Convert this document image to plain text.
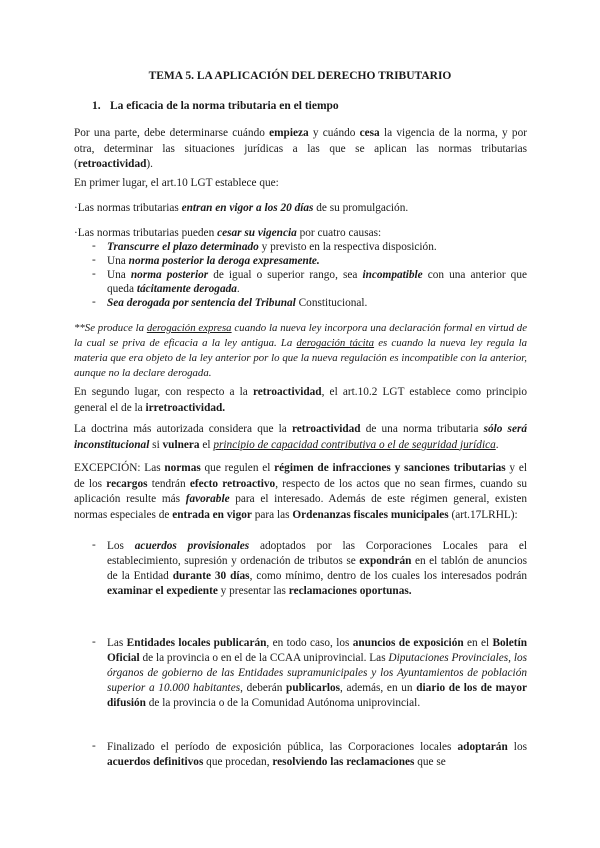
TEMA 5. LA APLICACIÓN DEL DERECHO TRIBUTARIO
1. La eficacia de la norma tributaria en el tiempo

Por una parte, debe determinarse cuándo empieza y cuándo cesa la vigencia de la norma, y por otra, determinar las situaciones jurídicas a las que se aplican las normas tributarias (retroactividad).

En primer lugar, el art.10 LGT establece que:

·Las normas tributarias entran en vigor a los 20 días de su promulgación.

·Las normas tributarias pueden cesar su vigencia por cuatro causas:

- Transcurre el plazo determinado y previsto en la respectiva disposición.

- Una norma posterior la deroga expresamente.

- Una norma posterior de igual o superior rango, sea incompatible con una anterior que queda tácitamente derogada.

- Sea derogada por sentencia del Tribunal Constitucional.

**Se produce la derogación expresa cuando la nueva ley incorpora una declaración formal en virtud de la cual se priva de eficacia a la ley antigua. La derogación tácita es cuando la nueva ley regula la materia que era objeto de la ley anterior por lo que la nueva regulación es incompatible con la anterior, aunque no la declare derogada.

En segundo lugar, con respecto a la retroactividad, el art.10.2 LGT establece como principio general el de la irretroactividad.

La doctrina más autorizada considera que la retroactividad de una norma tributaria sólo será inconstitucional si vulnera el principio de capacidad contributiva o el de seguridad jurídica.

EXCEPCIÓN: Las normas que regulen el régimen de infracciones y sanciones tributarias y el de los recargos tendrán efecto retroactivo, respecto de los actos que no sean firmes, cuando su aplicación resulte más favorable para el interesado. Además de este régimen general, existen normas especiales de entrada en vigor para las Ordenanzas fiscales municipales (art.17LRHL):

- Los acuerdos provisionales adoptados por las Corporaciones Locales para el establecimiento, supresión y ordenación de tributos se expondrán en el tablón de anuncios de la Entidad durante 30 días, como mínimo, dentro de los cuales los interesados podrán examinar el expediente y presentar las reclamaciones oportunas.

- Las Entidades locales publicarán, en todo caso, los anuncios de exposición en el Boletín Oficial de la provincia o en el de la CCAA uniprovincial. Las Diputaciones Provinciales, los órganos de gobierno de las Entidades supramunicipales y los Ayuntamientos de población superior a 10.000 habitantes, deberán publicarlos, además, en un diario de los de mayor difusión de la provincia o de la Comunidad Autónoma uniprovincial.

- Finalizado el período de exposición pública, las Corporaciones locales adoptarán los acuerdos definitivos que procedan, resolviendo las reclamaciones que se
